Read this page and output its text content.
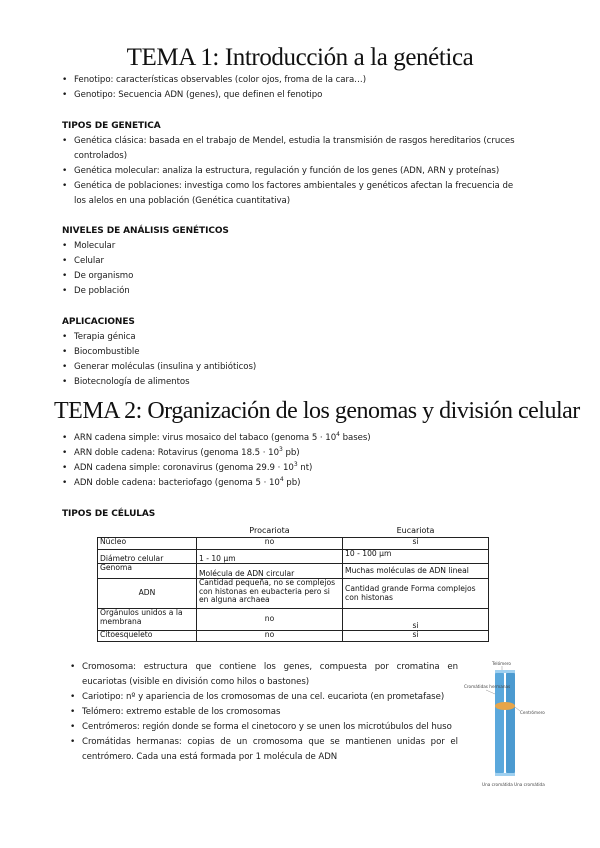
TEMA 1: Introducción a la genética
• Fenotipo: características observables (color ojos, froma de la cara…)
• Genotipo: Secuencia ADN (genes), que definen el fenotipo
TIPOS DE GENETICA
• Genética clásica: basada en el trabajo de Mendel, estudia la transmisión de rasgos hereditarios (cruces
controlados)
• Genética molecular: analiza la estructura, regulación y función de los genes (ADN, ARN y proteínas)
• Genética de poblaciones: investiga como los factores ambientales y genéticos afectan la frecuencia de
los alelos en una población (Genética cuantitativa)
NIVELES DE ANÁLISIS GENÉTICOS
• Molecular
• Celular
• De organismo
• De población
APLICACIONES
• Terapia génica
• Biocombustible
• Generar moléculas (insulina y antibióticos)
• Biotecnología de alimentos
TEMA 2: Organización de los genomas y división celular
• ARN cadena simple: virus mosaico del tabaco (genoma $5 \cdot 10^4$ bases)
• ARN doble cadena: Rotavirus (genoma $18.5 \cdot 10^3$ pb)
• ADN cadena simple: coronavirus (genoma $29.9 \cdot 10^3$ nt)
• ADN doble cadena: bacteriofago (genoma $5 \cdot 10^4$ pb)
TIPOS DE CÉLULAS
	Procariota	Eucariota
Núcleo	no	si
Diámetro celular	1 - 10 μm	10 - 100 μm
Genoma	Molécula de ADN circular	Muchas moléculas de ADN lineal
ADN	Cantidad pequeña, no se complejos con histonas en eubacteria pero si en alguna archaea	Cantidad grande Forma complejos con histonas
Orgánulos unidos a la membrana	no	si
Citoesqueleto	no	si
• Cromosoma: estructura que contiene los genes, compuesta por cromatina en eucariotas (visible en división como hilos o bastones)
• Cariotipo: nº y apariencia de los cromosomas de una cel. eucariota (en prometafase)
• Telómero: extremo estable de los cromosomas
• Centrómeros: región donde se forma el cinetocoro y se unen los microtúbulos del huso
• Cromátidas hermanas: copias de un cromosoma que se mantienen unidas por el centrómero. Cada una está formada por 1 molécula de ADN
Telómero
Cromátidas hermanas
Centrómero
Una cromátida Una cromátida
